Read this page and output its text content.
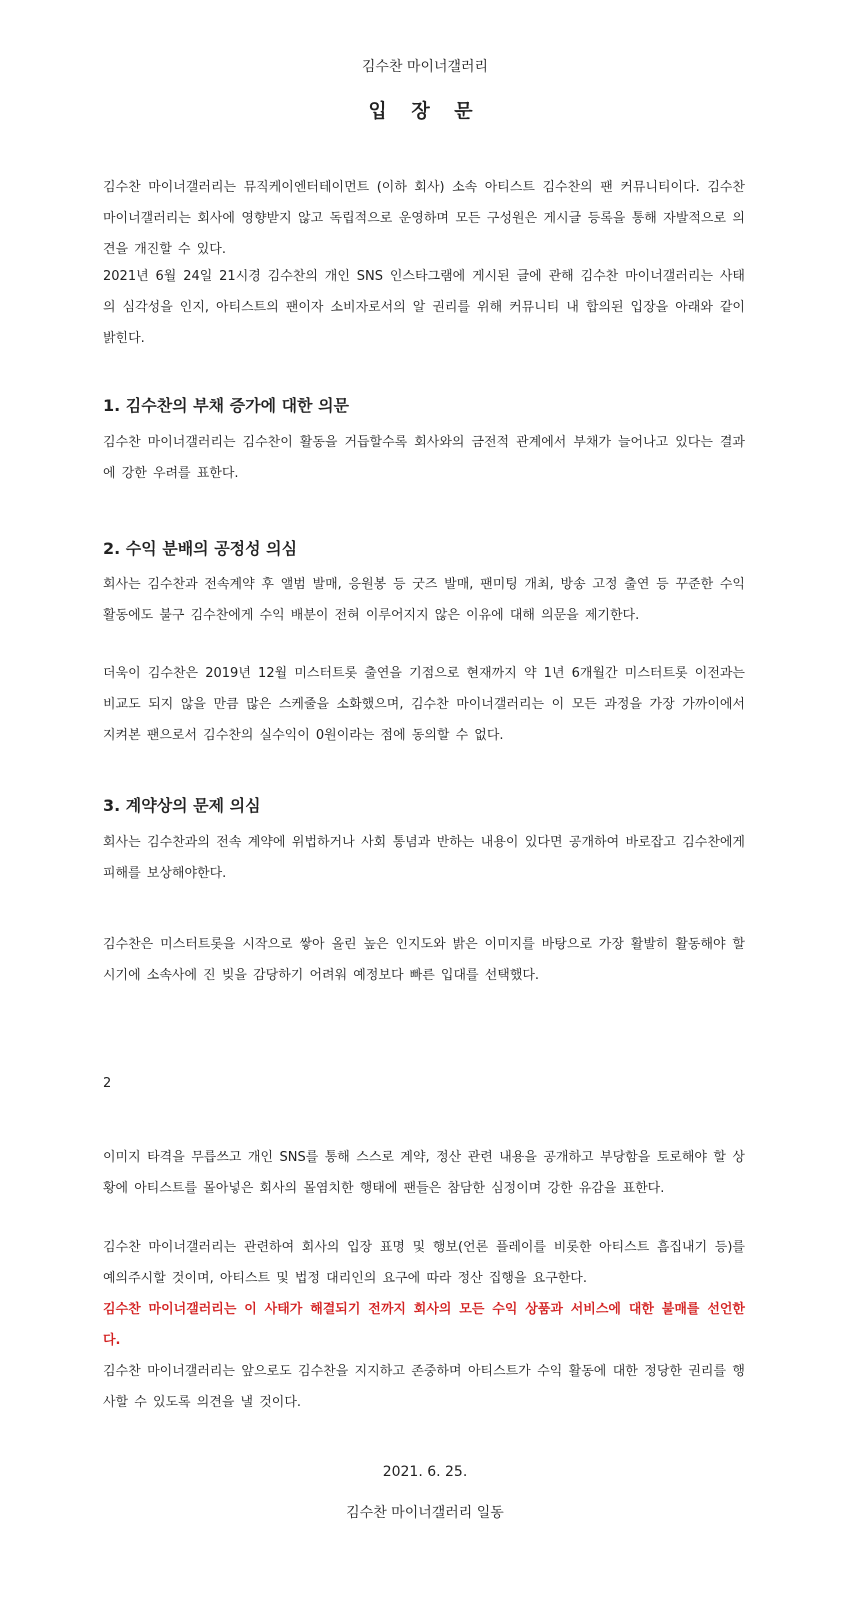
김수찬 마이너갤러리
입 장 문
김수찬 마이너갤러리는 뮤직케이엔터테이먼트 (이하 회사) 소속 아티스트 김수찬의 팬 커뮤니티이다. 김수찬 마이너갤러리는 회사에 영향받지 않고 독립적으로 운영하며 모든 구성원은 게시글 등록을 통해 자발적으로 의견을 개진할 수 있다.
2021년 6월 24일 21시경 김수찬의 개인 SNS 인스타그램에 게시된 글에 관해 김수찬 마이너갤러리는 사태의 심각성을 인지, 아티스트의 팬이자 소비자로서의 알 권리를 위해 커뮤니티 내 합의된 입장을 아래와 같이 밝힌다.
1. 김수찬의 부채 증가에 대한 의문
김수찬 마이너갤러리는 김수찬이 활동을 거듭할수록 회사와의 금전적 관계에서 부채가 늘어나고 있다는 결과에 강한 우려를 표한다.
2. 수익 분배의 공정성 의심
회사는 김수찬과 전속계약 후 앨범 발매, 응원봉 등 굿즈 발매, 팬미팅 개최, 방송 고정 출연 등 꾸준한 수익 활동에도 불구 김수찬에게 수익 배분이 전혀 이루어지지 않은 이유에 대해 의문을 제기한다.
더욱이 김수찬은 2019년 12월 미스터트롯 출연을 기점으로 현재까지 약 1년 6개월간 미스터트롯 이전과는 비교도 되지 않을 만큼 많은 스케줄을 소화했으며, 김수찬 마이너갤러리는 이 모든 과정을 가장 가까이에서 지켜본 팬으로서 김수찬의 실수익이 0원이라는 점에 동의할 수 없다.
3. 계약상의 문제 의심
회사는 김수찬과의 전속 계약에 위법하거나 사회 통념과 반하는 내용이 있다면 공개하여 바로잡고 김수찬에게 피해를 보상해야한다.
김수찬은 미스터트롯을 시작으로 쌓아 올린 높은 인지도와 밝은 이미지를 바탕으로 가장 활발히 활동해야 할 시기에 소속사에 진 빚을 감당하기 어려워 예정보다 빠른 입대를 선택했다.
2
이미지 타격을 무릅쓰고 개인 SNS를 통해 스스로 계약, 정산 관련 내용을 공개하고 부당함을 토로해야 할 상황에 아티스트를 몰아넣은 회사의 몰염치한 행태에 팬들은 참담한 심정이며 강한 유감을 표한다.
김수찬 마이너갤러리는 관련하여 회사의 입장 표명 및 행보(언론 플레이를 비롯한 아티스트 흠집내기 등)를 예의주시할 것이며, 아티스트 및 법정 대리인의 요구에 따라 정산 집행을 요구한다.
김수찬 마이너갤러리는 이 사태가 해결되기 전까지 회사의 모든 수익 상품과 서비스에 대한 불매를 선언한다.
김수찬 마이너갤러리는 앞으로도 김수찬을 지지하고 존중하며 아티스트가 수익 활동에 대한 정당한 권리를 행사할 수 있도록 의견을 낼 것이다.
2021. 6. 25.
김수찬 마이너갤러리 일동
